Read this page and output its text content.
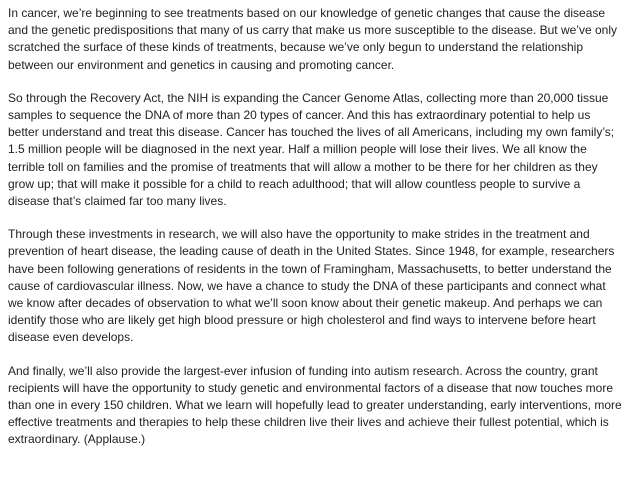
In cancer, we’re beginning to see treatments based on our knowledge of genetic changes that cause the disease and the genetic predispositions that many of us carry that make us more susceptible to the disease. But we’ve only scratched the surface of these kinds of treatments, because we’ve only begun to understand the relationship between our environment and genetics in causing and promoting cancer.

So through the Recovery Act, the NIH is expanding the Cancer Genome Atlas, collecting more than 20,000 tissue samples to sequence the DNA of more than 20 types of cancer. And this has extraordinary potential to help us better understand and treat this disease. Cancer has touched the lives of all Americans, including my own family’s; 1.5 million people will be diagnosed in the next year. Half a million people will lose their lives. We all know the terrible toll on families and the promise of treatments that will allow a mother to be there for her children as they grow up; that will make it possible for a child to reach adulthood; that will allow countless people to survive a disease that’s claimed far too many lives.

Through these investments in research, we will also have the opportunity to make strides in the treatment and prevention of heart disease, the leading cause of death in the United States. Since 1948, for example, researchers have been following generations of residents in the town of Framingham, Massachusetts, to better understand the cause of cardiovascular illness. Now, we have a chance to study the DNA of these participants and connect what we know after decades of observation to what we’ll soon know about their genetic makeup. And perhaps we can identify those who are likely get high blood pressure or high cholesterol and find ways to intervene before heart disease even develops.

And finally, we’ll also provide the largest-ever infusion of funding into autism research. Across the country, grant recipients will have the opportunity to study genetic and environmental factors of a disease that now touches more than one in every 150 children. What we learn will hopefully lead to greater understanding, early interventions, more effective treatments and therapies to help these children live their lives and achieve their fullest potential, which is extraordinary. (Applause.)
